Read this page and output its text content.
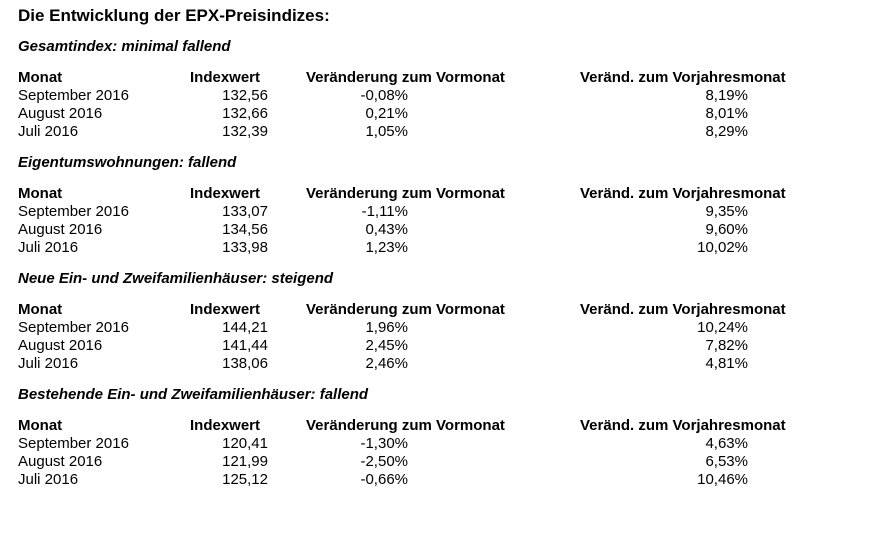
Die Entwicklung der EPX-Preisindizes:
Gesamtindex: minimal fallend
Monat	Indexwert	Veränderung zum Vormonat	Veränd. zum Vorjahresmonat
September 2016	132,56	-0,08%	8,19%
August 2016	132,66	0,21%	8,01%
Juli 2016	132,39	1,05%	8,29%
Eigentumswohnungen: fallend
Monat	Indexwert	Veränderung zum Vormonat	Veränd. zum Vorjahresmonat
September 2016	133,07	-1,11%	9,35%
August 2016	134,56	0,43%	9,60%
Juli 2016	133,98	1,23%	10,02%
Neue Ein- und Zweifamilienhäuser: steigend
Monat	Indexwert	Veränderung zum Vormonat	Veränd. zum Vorjahresmonat
September 2016	144,21	1,96%	10,24%
August 2016	141,44	2,45%	7,82%
Juli 2016	138,06	2,46%	4,81%
Bestehende Ein- und Zweifamilienhäuser: fallend
Monat	Indexwert	Veränderung zum Vormonat	Veränd. zum Vorjahresmonat
September 2016	120,41	-1,30%	4,63%
August 2016	121,99	-2,50%	6,53%
Juli 2016	125,12	-0,66%	10,46%
